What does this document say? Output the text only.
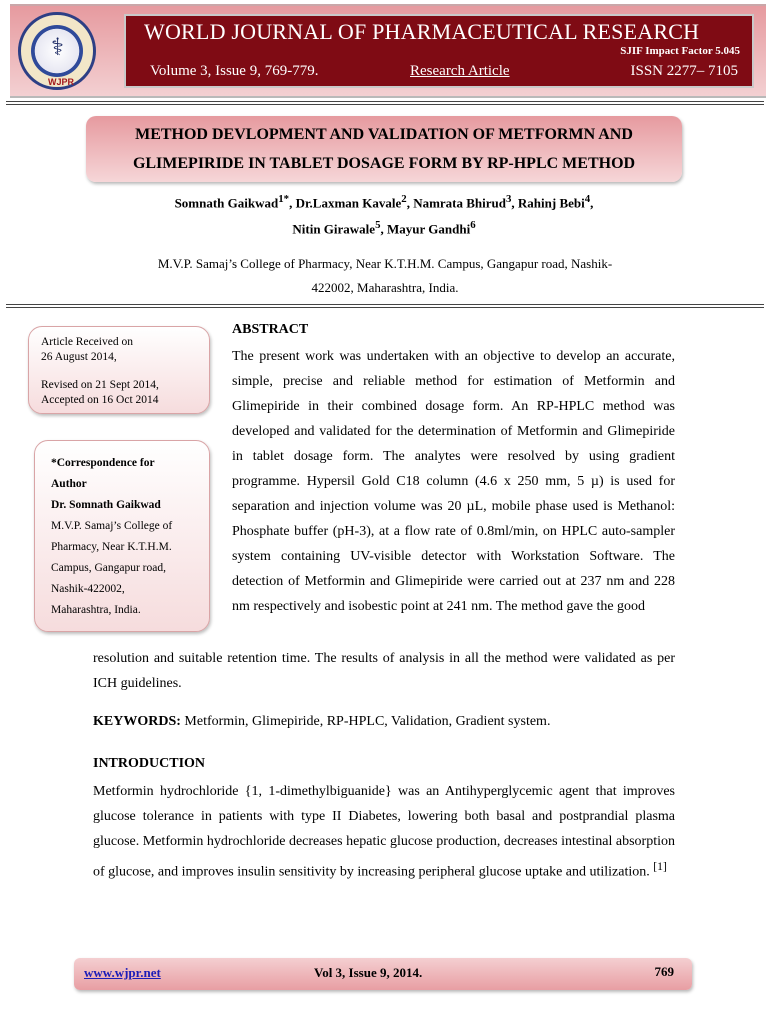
⚕
WJPR
WORLD JOURNAL OF PHARMACEUTICAL RESEARCH
SJIF Impact Factor 5.045
Volume 3, Issue 9, 769-779.	Research Article	ISSN 2277– 7105
METHOD DEVLOPMENT AND VALIDATION OF METFORMN AND
GLIMEPIRIDE IN TABLET DOSAGE FORM BY RP-HPLC METHOD
Somnath Gaikwad$^{1*}$, Dr.Laxman Kavale$^2$, Namrata Bhirud$^3$, Rahinj Bebi$^4$,
Nitin Girawale$^5$, Mayur Gandhi$^6$
M.V.P. Samaj’s College of Pharmacy, Near K.T.H.M. Campus, Gangapur road, Nashik-
422002, Maharashtra, India.
Article Received on
26 August 2014,
Revised on 21 Sept 2014,
Accepted on 16 Oct 2014
*Correspondence for
Author
Dr. Somnath Gaikwad
M.V.P. Samaj’s College of
Pharmacy, Near K.T.H.M.
Campus, Gangapur road,
Nashik-422002,
Maharashtra, India.
ABSTRACT
The present work was undertaken with an objective to develop an accurate, simple, precise and reliable method for estimation of Metformin and Glimepiride in their combined dosage form. An RP-HPLC method was developed and validated for the determination of Metformin and Glimepiride in tablet dosage form. The analytes were resolved by using gradient programme. Hypersil Gold C18 column (4.6 x 250 mm, 5 µ) is used for separation and injection volume was 20 µL, mobile phase used is Methanol: Phosphate buffer (pH-3), at a flow rate of 0.8ml/min, on HPLC auto-sampler system containing UV-visible detector with Workstation Software. The detection of Metformin and Glimepiride were carried out at 237 nm and 228 nm respectively and isobestic point at 241 nm. The method gave the good
resolution and suitable retention time. The results of analysis in all the method were validated as per ICH guidelines.
KEYWORDS: Metformin, Glimepiride, RP-HPLC, Validation, Gradient system.
INTRODUCTION
Metformin hydrochloride {1, 1-dimethylbiguanide} was an Antihyperglycemic agent that improves glucose tolerance in patients with type II Diabetes, lowering both basal and postprandial plasma glucose. Metformin hydrochloride decreases hepatic glucose production, decreases intestinal absorption of glucose, and improves insulin sensitivity by increasing peripheral glucose uptake and utilization. [1]
www.wjpr.net	Vol 3, Issue 9, 2014.	769
